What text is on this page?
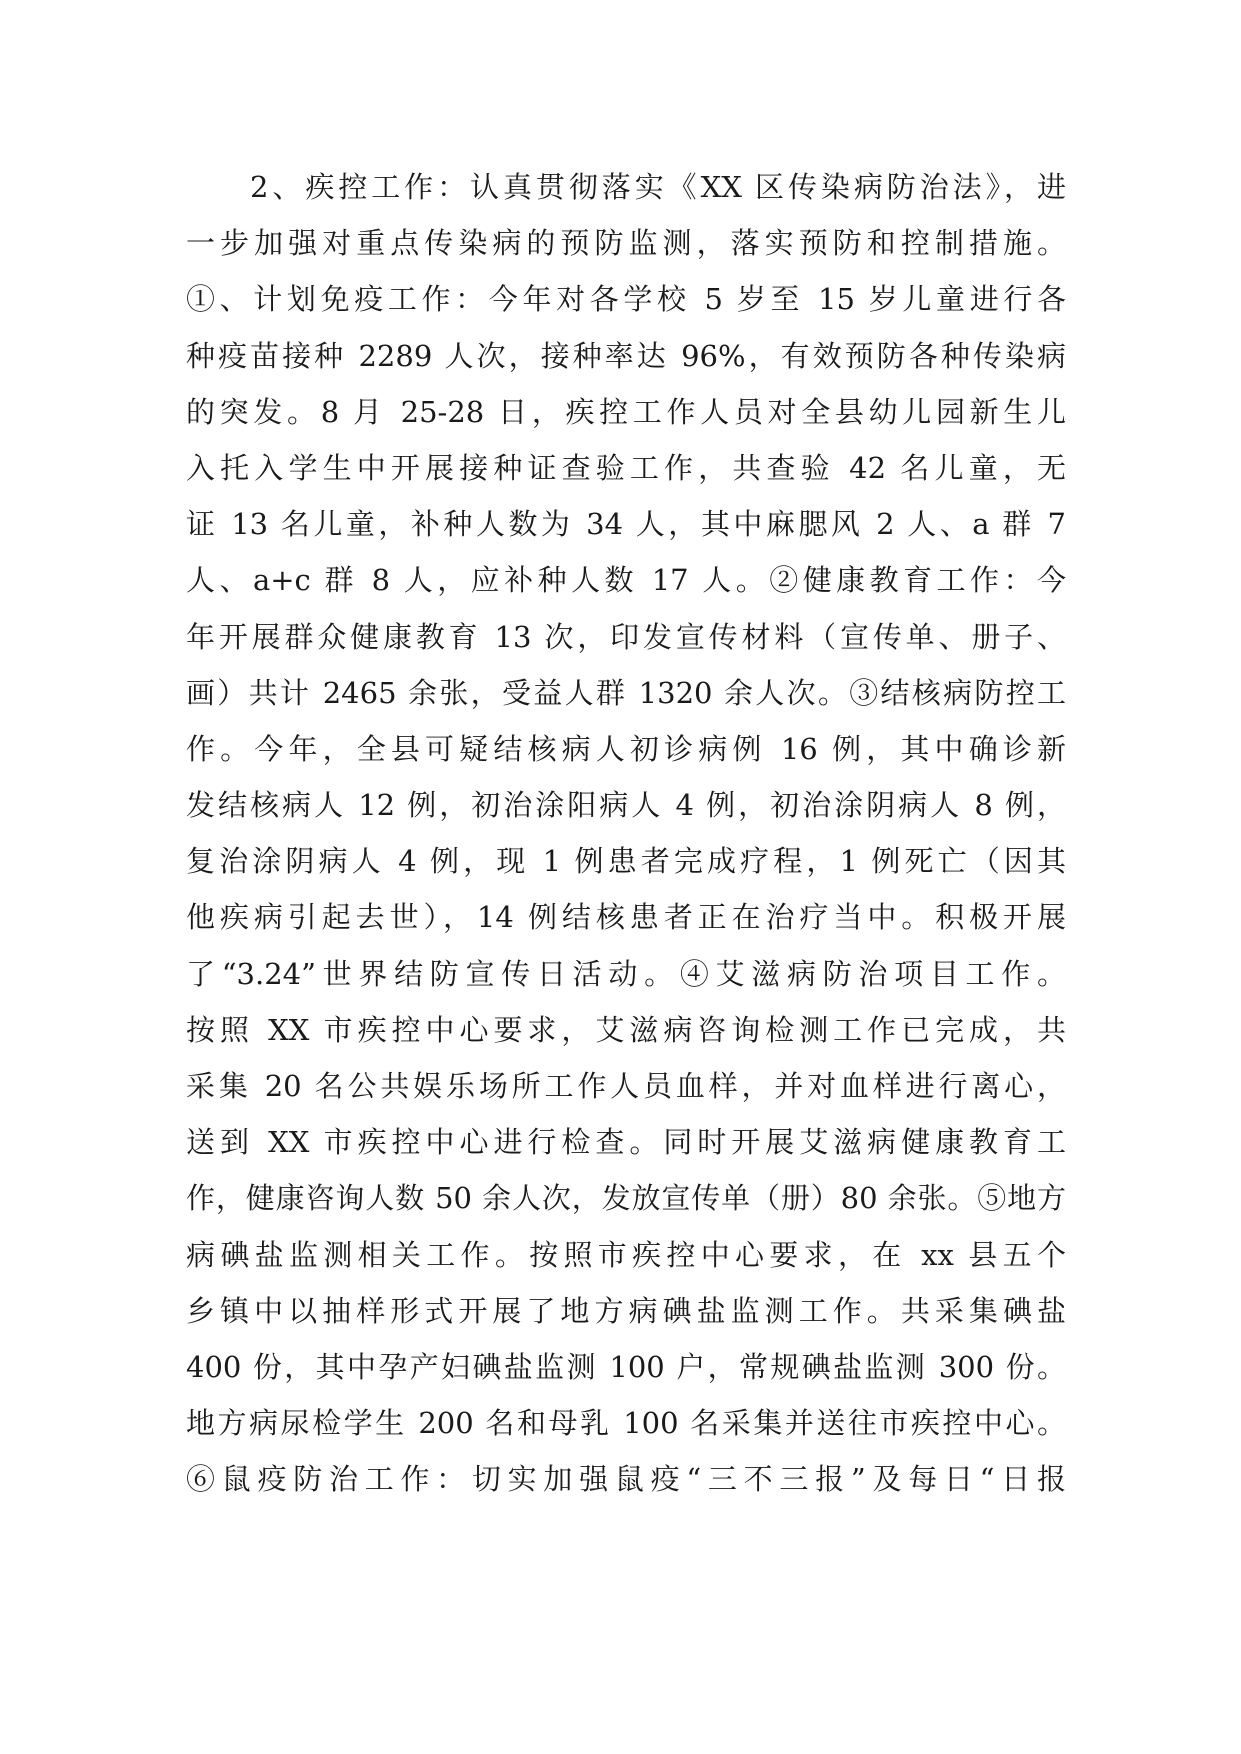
2、疾控工作：认真贯彻落实《XX 区传染病防治法》，进
一步加强对重点传染病的预防监测，落实预防和控制措施。
①、计划免疫工作：今年对各学校 5 岁至 15 岁儿童进行各
种疫苗接种 2289 人次，接种率达 96%，有效预防各种传染病
的突发。8 月 25-28 日，疾控工作人员对全县幼儿园新生儿
入托入学生中开展接种证查验工作，共查验 42 名儿童，无
证 13 名儿童，补种人数为 34 人，其中麻腮风 2 人、a 群 7
人、a+c 群 8 人，应补种人数 17 人。②健康教育工作：今
年开展群众健康教育 13 次，印发宣传材料（宣传单、册子、
画）共计 2465 余张，受益人群 1320 余人次。③结核病防控工
作。今年，全县可疑结核病人初诊病例 16 例，其中确诊新
发结核病人 12 例，初治涂阳病人 4 例，初治涂阴病人 8 例，
复治涂阴病人 4 例，现 1 例患者完成疗程，1 例死亡（因其
他疾病引起去世），14 例结核患者正在治疗当中。积极开展
了“3.24”世界结防宣传日活动。④艾滋病防治项目工作。
按照 XX 市疾控中心要求，艾滋病咨询检测工作已完成，共
采集 20 名公共娱乐场所工作人员血样，并对血样进行离心，
送到 XX 市疾控中心进行检查。同时开展艾滋病健康教育工
作，健康咨询人数 50 余人次，发放宣传单（册）80 余张。⑤地方
病碘盐监测相关工作。按照市疾控中心要求，在 xx 县五个
乡镇中以抽样形式开展了地方病碘盐监测工作。共采集碘盐
400 份，其中孕产妇碘盐监测 100 户，常规碘盐监测 300 份。
地方病尿检学生 200 名和母乳 100 名采集并送往市疾控中心。
⑥鼠疫防治工作：切实加强鼠疫“三不三报”及每日“日报
